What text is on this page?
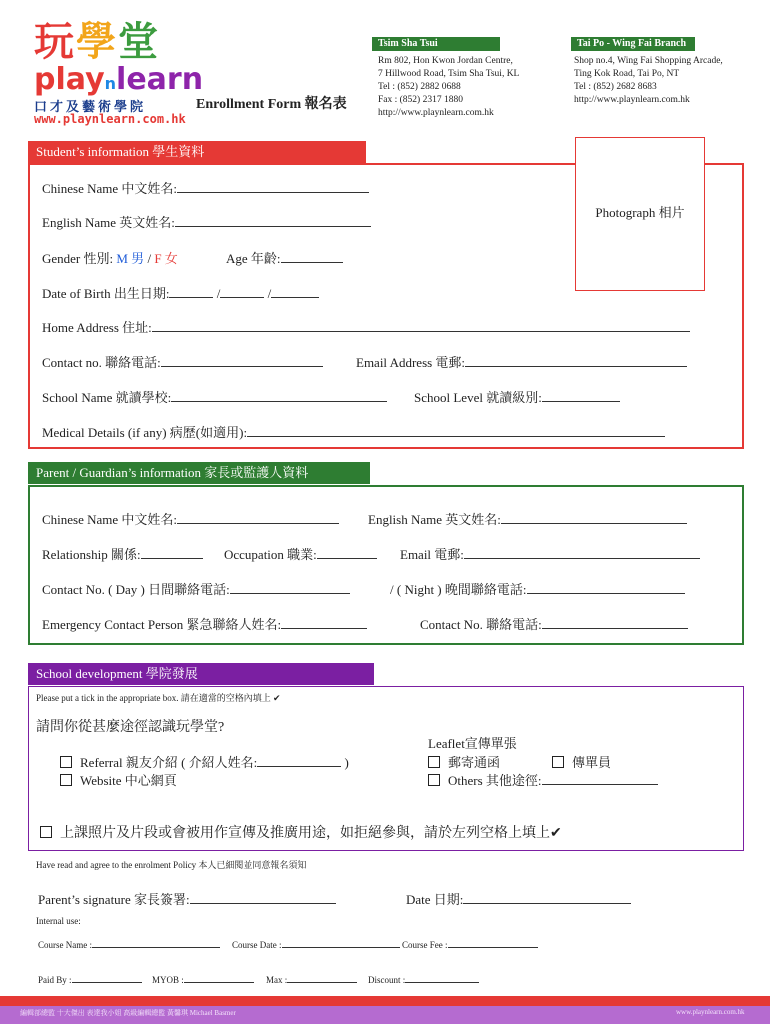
玩學堂
playnlearn
口才及藝術學院
www.playnlearn.com.hk
Enrollment Form 報名表
Tsim Sha Tsui
Rm 802, Hon Kwon Jordan Centre,
7 Hillwood Road, Tsim Sha Tsui, KL
Tel : (852) 2882 0688
Fax : (852) 2317 1880
http://www.playnlearn.com.hk
Tai Po - Wing Fai Branch
Shop no.4, Wing Fai Shopping Arcade,
Ting Kok Road, Tai Po, NT
Tel : (852) 2682 8683
http://www.playnlearn.com.hk
Student’s information 學生資料
Photograph 相片
Chinese Name 中文姓名:
English Name 英文姓名:
Gender 性別: M 男 / F 女	Age 年齡:
Date of Birth 出生日期:	/	/
Home Address 住址:
Contact no. 聯絡電話:	Email Address 電郵:
School Name 就讀學校:	School Level 就讀級別:
Medical Details (if any) 病歷(如適用):
Parent / Guardian’s information 家長或監護人資料
Chinese Name 中文姓名:	English Name 英文姓名:
Relationship 關係:	Occupation 職業:	Email 電郵:
Contact No. ( Day ) 日間聯絡電話:	/ ( Night ) 晚間聯絡電話:
Emergency Contact Person 緊急聯絡人姓名:	Contact No. 聯絡電話:
School development 學院發展
Please put a tick in the appropriate box. 請在適當的空格內填上 ✔
請問你從甚麼途徑認識玩學堂?
Referral 親友介紹 ( 介紹人姓名:	)
Website 中心網頁
Leaflet宣傳單張
郵寄通函	傳單員
Others 其他途徑:
上課照片及片段或會被用作宣傳及推廣用途，如拒絕參與，請於左列空格上填上✔
Have read and agree to the enrolment Policy 本人已細閱並同意報名須知
Parent’s signature 家長簽署:	Date 日期:
Internal use:
Course Name :	Course Date :	Course Fee :
Paid By :	MYOB :	Max :	Discount :
編輯部總監 十大傑出 表達我小姐 高級編輯總監 黃馨琪 Michael Basmer	www.playnlearn.com.hk
